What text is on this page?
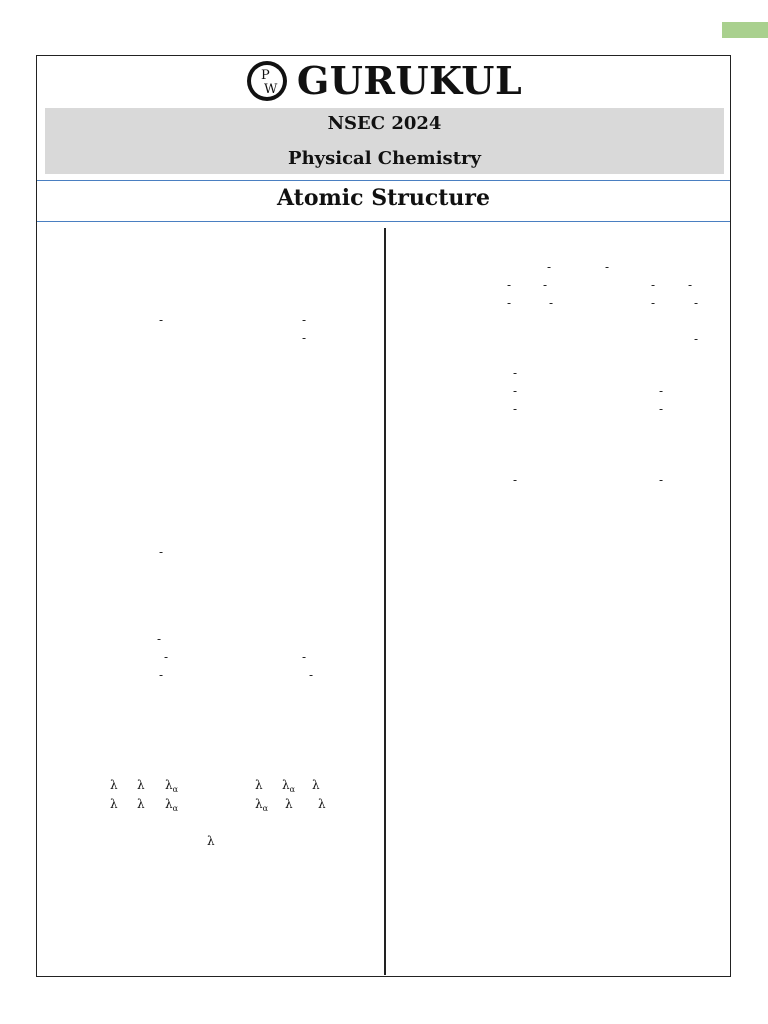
P
W GURUKUL
NSEC 2024
Physical Chemistry
Atomic Structure
-	-
-
-
-
-	-
-	-
-	-
-	-	-	-
-	-	-	-
-
-
-	-
-	-
-	-
λ λ $\lambda_\alpha$	λ $\lambda_\alpha$ λ
λ λ $\lambda_\alpha$	$\lambda_\alpha$ λ λ
λ
